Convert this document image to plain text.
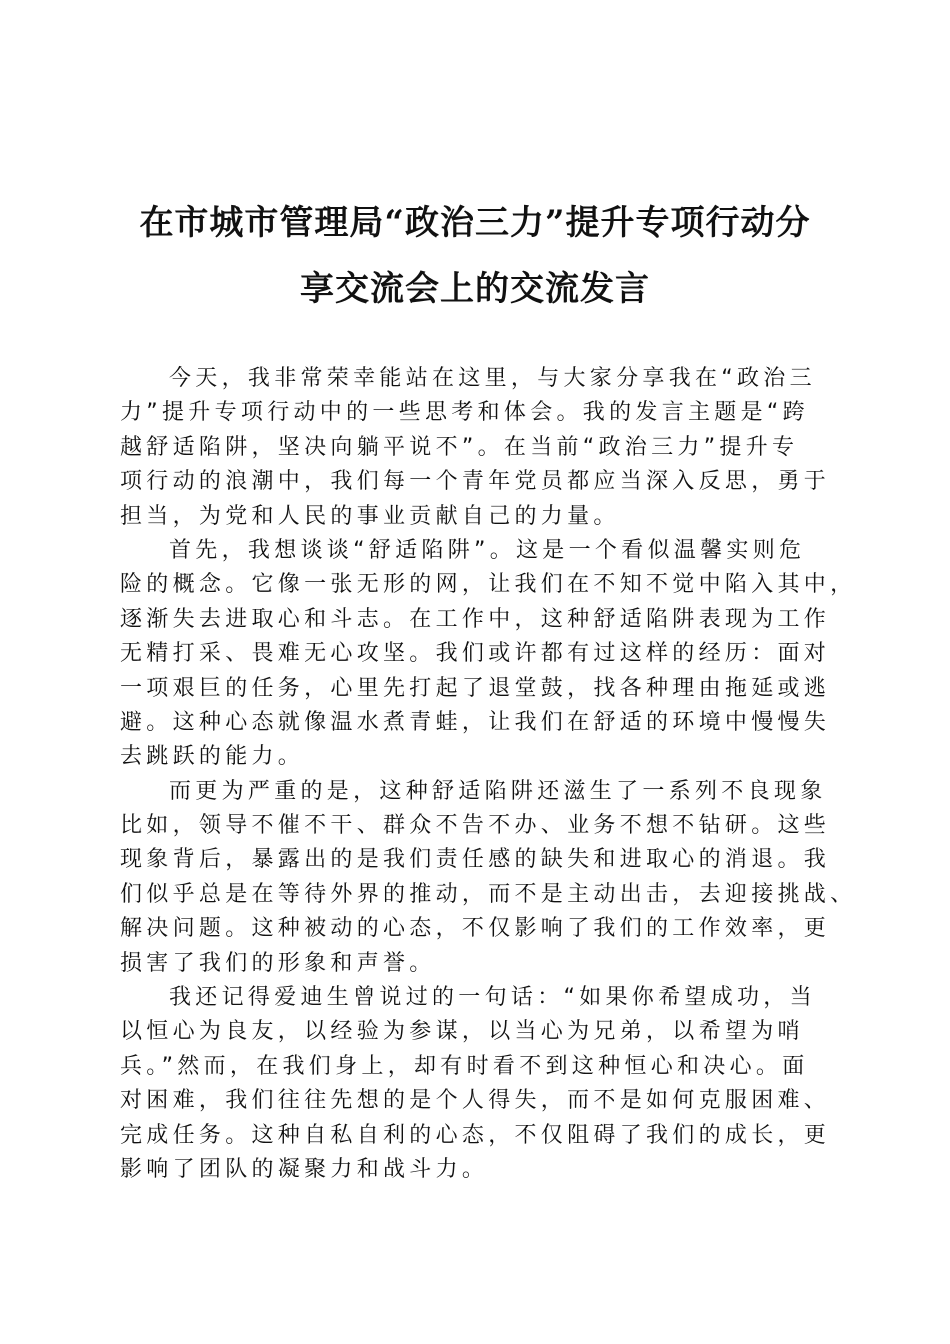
在市城市管理局“政治三力”提升专项行动分
享交流会上的交流发言
今天，我非常荣幸能站在这里，与大家分享我在“政治三
力”提升专项行动中的一些思考和体会。我的发言主题是“跨
越舒适陷阱，坚决向躺平说不”。在当前“政治三力”提升专
项行动的浪潮中，我们每一个青年党员都应当深入反思，勇于
担当，为党和人民的事业贡献自己的力量。
首先，我想谈谈“舒适陷阱”。这是一个看似温馨实则危
险的概念。它像一张无形的网，让我们在不知不觉中陷入其中，
逐渐失去进取心和斗志。在工作中，这种舒适陷阱表现为工作
无精打采、畏难无心攻坚。我们或许都有过这样的经历：面对
一项艰巨的任务，心里先打起了退堂鼓，找各种理由拖延或逃
避。这种心态就像温水煮青蛙，让我们在舒适的环境中慢慢失
去跳跃的能力。
而更为严重的是，这种舒适陷阱还滋生了一系列不良现象
比如，领导不催不干、群众不告不办、业务不想不钻研。这些
现象背后，暴露出的是我们责任感的缺失和进取心的消退。我
们似乎总是在等待外界的推动，而不是主动出击，去迎接挑战、
解决问题。这种被动的心态，不仅影响了我们的工作效率，更
损害了我们的形象和声誉。
我还记得爱迪生曾说过的一句话：“如果你希望成功，当
以恒心为良友，以经验为参谋，以当心为兄弟，以希望为哨
兵。”然而，在我们身上，却有时看不到这种恒心和决心。面
对困难，我们往往先想的是个人得失，而不是如何克服困难、
完成任务。这种自私自利的心态，不仅阻碍了我们的成长，更
影响了团队的凝聚力和战斗力。
